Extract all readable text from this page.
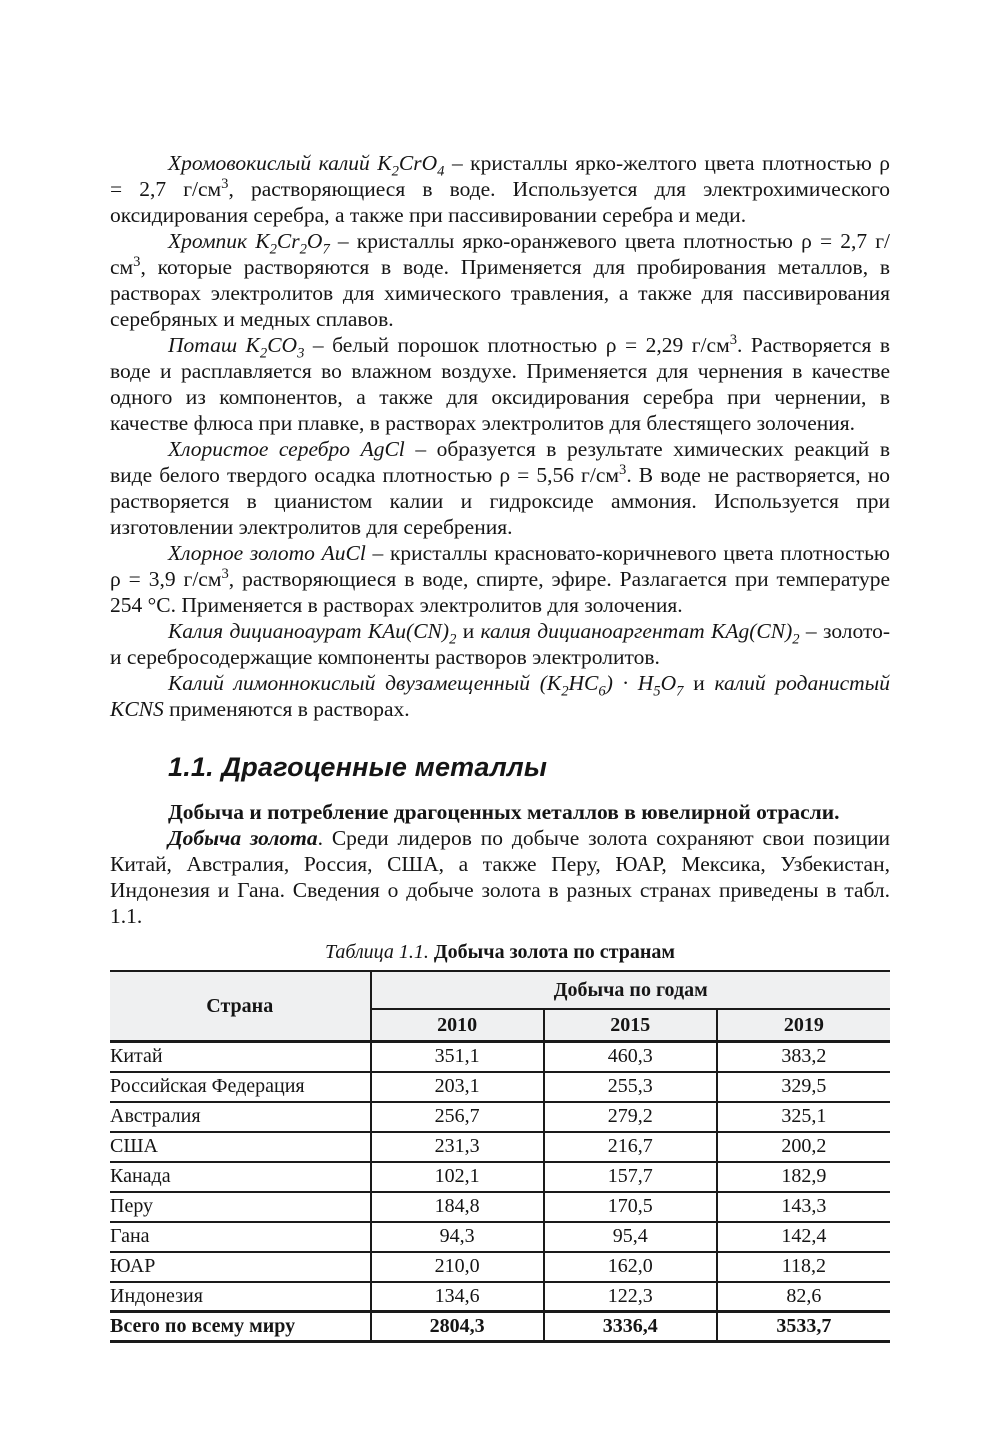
Хромовокислый калий $K_2CrO_4$ – кристаллы ярко-желтого цвета плотностью ρ = 2,7 $г/см^3$, растворяющиеся в воде. Используется для электрохимического оксидирования серебра, а также при пассивировании серебра и меди.

Хромпик $K_2Cr_2O_7$ – кристаллы ярко-оранжевого цвета плотностью ρ = 2,7 $г/см^3$, которые растворяются в воде. Применяется для пробирования металлов, в растворах электролитов для химического травления, а также для пассивирования серебряных и медных сплавов.

Поташ $K_2CO_3$ – белый порошок плотностью ρ = 2,29 $г/см^3$. Растворяется в воде и расплавляется во влажном воздухе. Применяется для чернения в качестве одного из компонентов, а также для оксидирования серебра при чернении, в качестве флюса при плавке, в растворах электролитов для блестящего золочения.

Хлористое серебро AgCl – образуется в результате химических реакций в виде белого твердого осадка плотностью ρ = 5,56 $г/см^3$. В воде не растворяется, но растворяется в цианистом калии и гидроксиде аммония. Используется при изготовлении электролитов для серебрения.

Хлорное золото AuCl – кристаллы красновато-коричневого цвета плотностью ρ = 3,9 $г/см^3$, растворяющиеся в воде, спирте, эфире. Разлагается при температуре 254 °C. Применяется в растворах электролитов для золочения.

Калия дицианоаурат $KAu(CN)_2$ и калия дицианоаргентат $KAg(CN)_2$ – золото- и серебросодержащие компоненты растворов электролитов.

Калий лимоннокислый двузамещенный $(K_2HC_6) \cdot H_5O_7$ и калий роданистый KCNS применяются в растворах.

1.1. Драгоценные металлы

Добыча и потребление драгоценных металлов в ювелирной отрасли.

Добыча золота. Среди лидеров по добыче золота сохраняют свои позиции Китай, Австралия, Россия, США, а также Перу, ЮАР, Мексика, Узбекистан, Индонезия и Гана. Сведения о добыче золота в разных странах приведены в табл. 1.1.

Таблица 1.1. Добыча золота по странам
Страна	Добыча по годам		
	2010	2015	2019
Китай	351,1	460,3	383,2
Российская Федерация	203,1	255,3	329,5
Австралия	256,7	279,2	325,1
США	231,3	216,7	200,2
Канада	102,1	157,7	182,9
Перу	184,8	170,5	143,3
Гана	94,3	95,4	142,4
ЮАР	210,0	162,0	118,2
Индонезия	134,6	122,3	82,6
Всего по всему миру	2804,3	3336,4	3533,7
